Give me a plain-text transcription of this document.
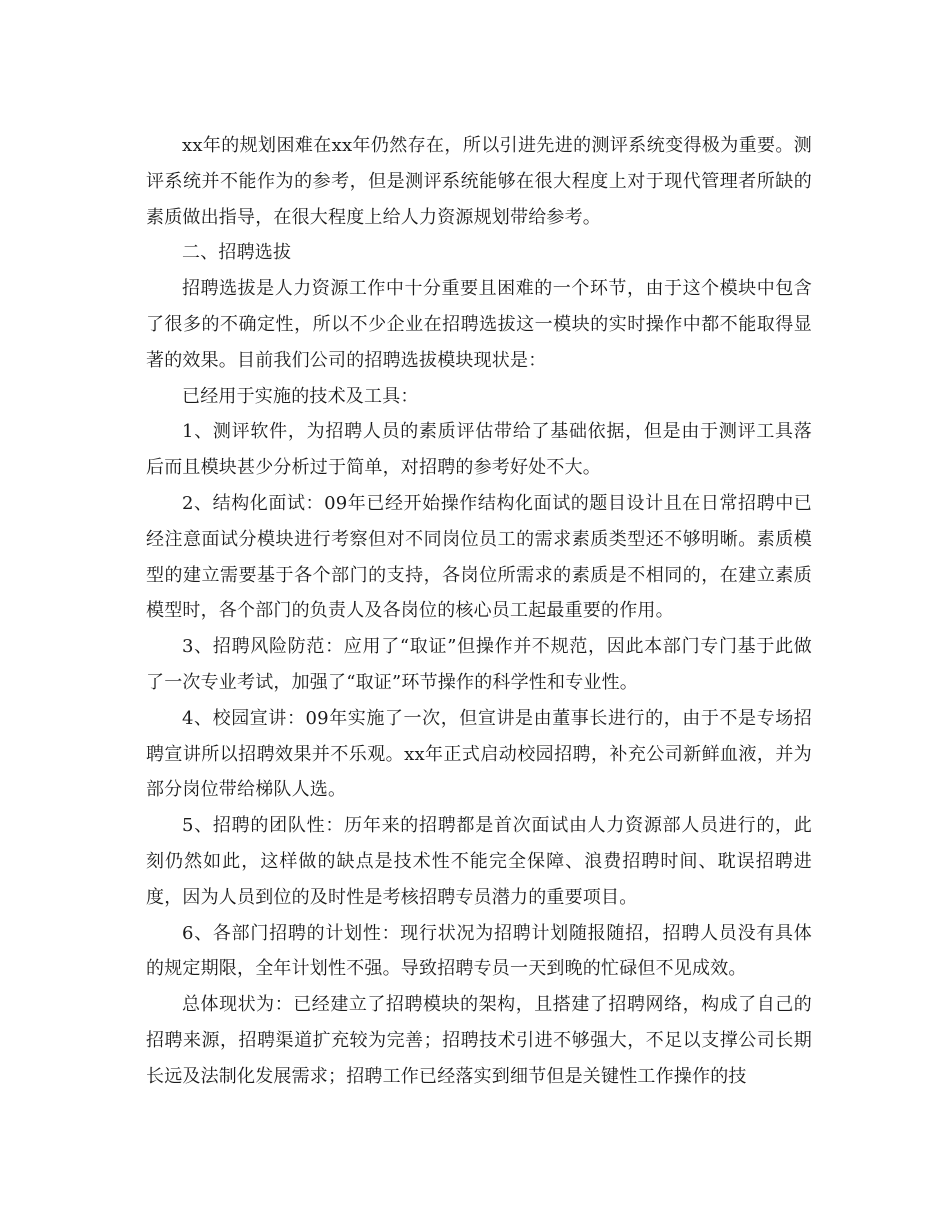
xx年的规划困难在xx年仍然存在，所以引进先进的测评系统变得极为重要。测评系统并不能作为的参考，但是测评系统能够在很大程度上对于现代管理者所缺的素质做出指导，在很大程度上给人力资源规划带给参考。

二、招聘选拔

招聘选拔是人力资源工作中十分重要且困难的一个环节，由于这个模块中包含了很多的不确定性，所以不少企业在招聘选拔这一模块的实时操作中都不能取得显著的效果。目前我们公司的招聘选拔模块现状是：

已经用于实施的技术及工具：

1、测评软件，为招聘人员的素质评估带给了基础依据，但是由于测评工具落后而且模块甚少分析过于简单，对招聘的参考好处不大。

2、结构化面试：09年已经开始操作结构化面试的题目设计且在日常招聘中已经注意面试分模块进行考察但对不同岗位员工的需求素质类型还不够明晰。素质模型的建立需要基于各个部门的支持，各岗位所需求的素质是不相同的，在建立素质模型时，各个部门的负责人及各岗位的核心员工起最重要的作用。

3、招聘风险防范：应用了“取证”但操作并不规范，因此本部门专门基于此做了一次专业考试，加强了“取证”环节操作的科学性和专业性。

4、校园宣讲：09年实施了一次，但宣讲是由董事长进行的，由于不是专场招聘宣讲所以招聘效果并不乐观。xx年正式启动校园招聘，补充公司新鲜血液，并为部分岗位带给梯队人选。

5、招聘的团队性：历年来的招聘都是首次面试由人力资源部人员进行的，此刻仍然如此，这样做的缺点是技术性不能完全保障、浪费招聘时间、耽误招聘进度，因为人员到位的及时性是考核招聘专员潜力的重要项目。

6、各部门招聘的计划性：现行状况为招聘计划随报随招，招聘人员没有具体的规定期限，全年计划性不强。导致招聘专员一天到晚的忙碌但不见成效。

总体现状为：已经建立了招聘模块的架构，且搭建了招聘网络，构成了自己的招聘来源，招聘渠道扩充较为完善；招聘技术引进不够强大，不足以支撑公司长期长远及法制化发展需求；招聘工作已经落实到细节但是关键性工作操作的技
